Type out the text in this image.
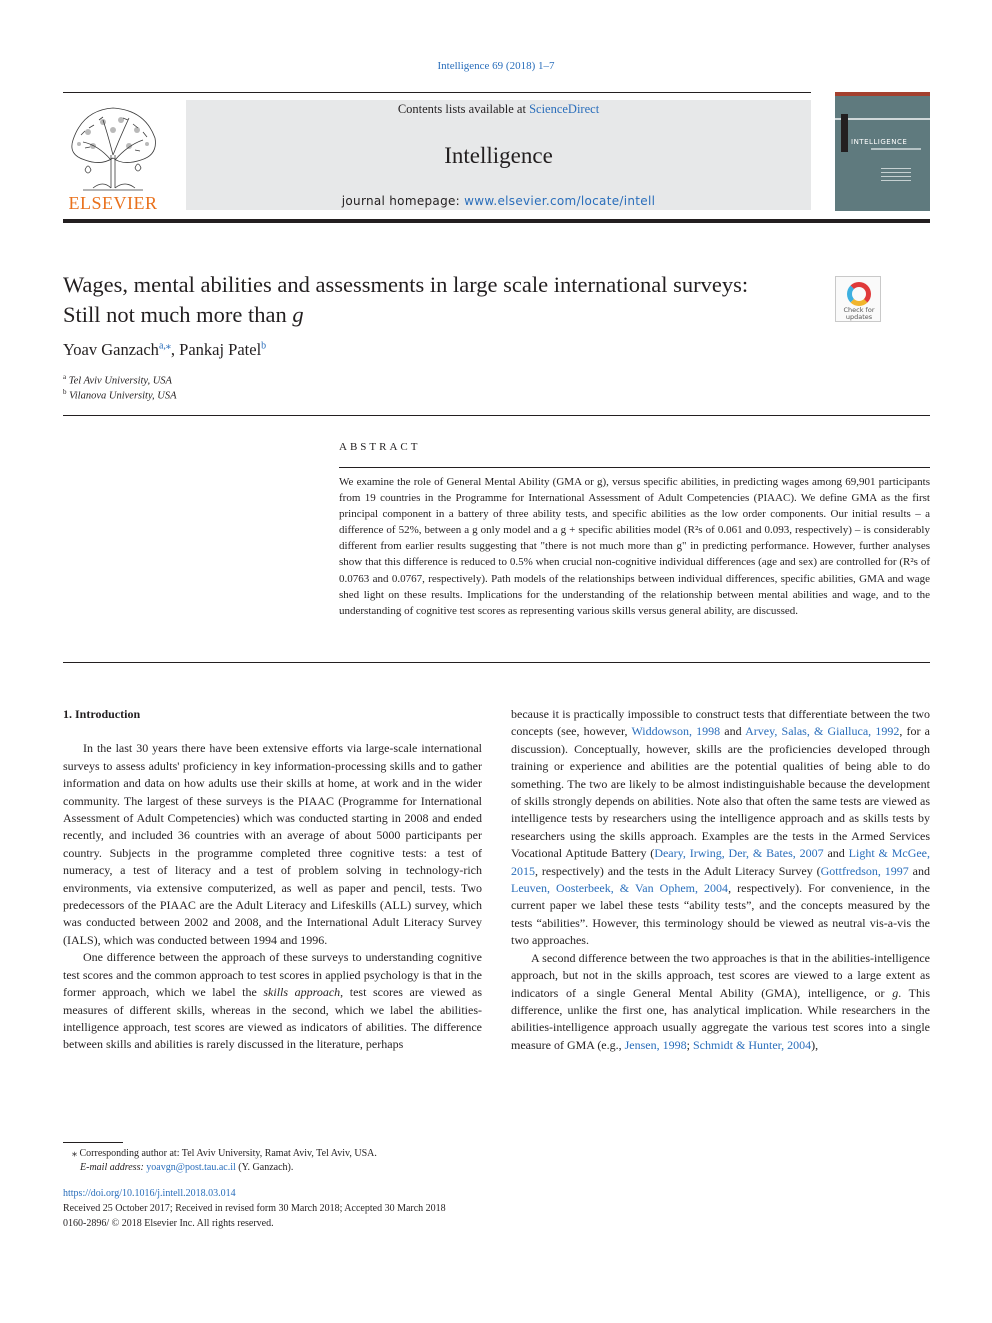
Intelligence 69 (2018) 1–7
ELSEVIER
Contents lists available at ScienceDirect
Intelligence
journal homepage: www.elsevier.com/locate/intell
INTELLIGENCE
Wages, mental abilities and assessments in large scale international surveys:
Still not much more than g	Check for
updates
Yoav Ganzach$^{a,⁎}$, Pankaj Patel$^b$
$^a$ Tel Aviv University, USA
$^b$ Vilanova University, USA
ABSTRACT
We examine the role of General Mental Ability (GMA or g), versus specific abilities, in predicting wages among 69,901 participants from 19 countries in the Programme for International Assessment of Adult Competencies (PIAAC). We define GMA as the first principal component in a battery of three ability tests, and specific abilities as the low order components. Our initial results – a difference of 52%, between a g only model and a g + specific abilities model (R²s of 0.061 and 0.093, respectively) – is considerably different from earlier results suggesting that "there is not much more than g" in predicting performance. However, further analyses show that this difference is reduced to 0.5% when crucial non-cognitive individual differences (age and sex) are controlled for (R²s of 0.0763 and 0.0767, respectively). Path models of the relationships between individual differences, specific abilities, GMA and wage shed light on these results. Implications for the understanding of the relationship between mental abilities and wage, and to the understanding of cognitive test scores as representing various skills versus general ability, are discussed.
1. Introduction

In the last 30 years there have been extensive efforts via large-scale international surveys to assess adults' proficiency in key information-processing skills and to gather information and data on how adults use their skills at home, at work and in the wider community. The largest of these surveys is the PIAAC (Programme for International Assessment of Adult Competencies) which was conducted starting in 2008 and ended recently, and included 36 countries with an average of about 5000 participants per country. Subjects in the programme completed three cognitive tests: a test of numeracy, a test of literacy and a test of problem solving in technology-rich environments, via extensive computerized, as well as paper and pencil, tests. Two predecessors of the PIAAC are the Adult Literacy and Lifeskills (ALL) survey, which was conducted between 2002 and 2008, and the International Adult Literacy Survey (IALS), which was conducted between 1994 and 1996.

One difference between the approach of these surveys to understanding cognitive test scores and the common approach to test scores in applied psychology is that in the former approach, which we label the skills approach, test scores are viewed as measures of different skills, whereas in the second, which we label the abilities-intelligence approach, test scores are viewed as indicators of abilities. The difference between skills and abilities is rarely discussed in the literature, perhaps

because it is practically impossible to construct tests that differentiate between the two concepts (see, however, Widdowson, 1998 and Arvey, Salas, & Gialluca, 1992, for a discussion). Conceptually, however, skills are the proficiencies developed through training or experience and abilities are the potential qualities of being able to do something. The two are likely to be almost indistinguishable because the development of skills strongly depends on abilities. Note also that often the same tests are viewed as intelligence tests by researchers using the intelligence approach and as skills tests by researchers using the skills approach. Examples are the tests in the Armed Services Vocational Aptitude Battery (Deary, Irwing, Der, & Bates, 2007 and Light & McGee, 2015, respectively) and the tests in the Adult Literacy Survey (Gottfredson, 1997 and Leuven, Oosterbeek, & Van Ophem, 2004, respectively). For convenience, in the current paper we label these tests “ability tests”, and the concepts measured by the tests “abilities”. However, this terminology should be viewed as neutral vis-a-vis the two approaches.

A second difference between the two approaches is that in the abilities-intelligence approach, but not in the skills approach, test scores are viewed to a large extent as indicators of a single General Mental Ability (GMA), intelligence, or g. This difference, unlike the first one, has analytical implication. While researchers in the abilities-intelligence approach usually aggregate the various test scores into a single measure of GMA (e.g., Jensen, 1998; Schmidt & Hunter, 2004),

⁎ Corresponding author at: Tel Aviv University, Ramat Aviv, Tel Aviv, USA.
E-mail address: yoavgn@post.tau.ac.il (Y. Ganzach).
https://doi.org/10.1016/j.intell.2018.03.014
Received 25 October 2017; Received in revised form 30 March 2018; Accepted 30 March 2018
0160-2896/ © 2018 Elsevier Inc. All rights reserved.
